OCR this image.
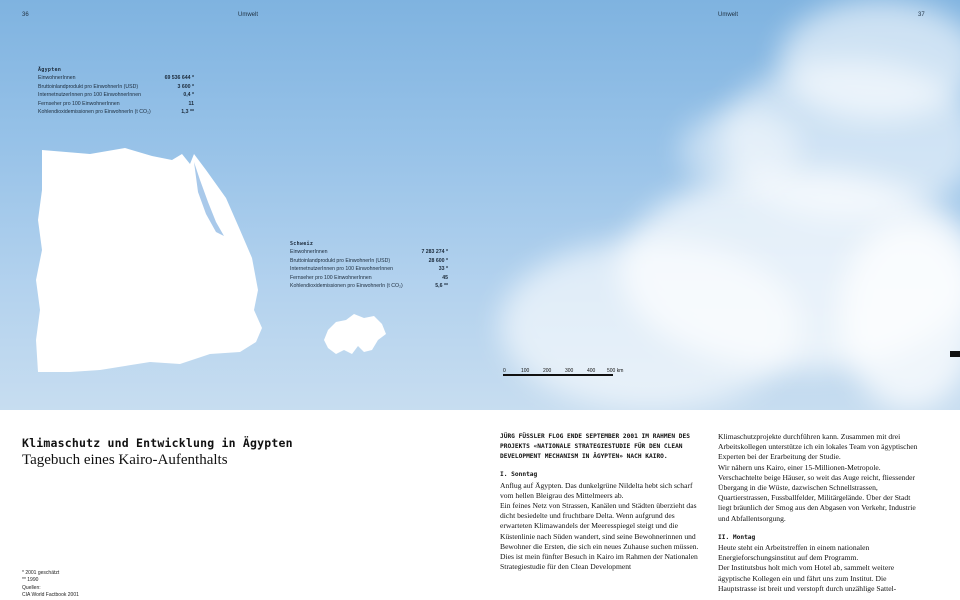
36	Umwelt	Umwelt	37
Ägypten
EinwohnerInnen	69 536 644 *
Bruttoinlandprodukt pro EinwohnerIn (USD)	3 600 *
InternetnutzerInnen pro 100 EinwohnerInnen	0,4 *
Fernseher pro 100 EinwohnerInnen	11
Kohlendioxidemissionen pro EinwohnerIn (t CO₂)	1,3 **
Schweiz
EinwohnerInnen	7 283 274 *
Bruttoinlandprodukt pro EinwohnerIn (USD)	28 600 *
InternetnutzerInnen pro 100 EinwohnerInnen	33 *
Fernseher pro 100 EinwohnerInnen	45
Kohlendioxidemissionen pro EinwohnerIn (t CO₂)	5,6 **
0	100	200	300	400 500 km
Klimaschutz und Entwicklung in Ägypten
Tagebuch eines Kairo-Aufenthalts
* 2001 geschätzt
** 1990
Quellen:
CIA World Factbook 2001

JÜRG FÜSSLER FLOG ENDE SEPTEMBER 2001 IM RAHMEN DES PROJEKTS «NATIONALE STRATEGIESTUDIE FÜR DEN CLEAN DEVELOPMENT MECHANISM IN ÄGYPTEN» NACH KAIRO.

I. Sonntag

Anflug auf Ägypten. Das dunkelgrüne Nildelta hebt sich scharf vom hellen Bleigrau des Mittelmeers ab.

Ein feines Netz von Strassen, Kanälen und Städten überzieht das dicht besiedelte und fruchtbare Delta. Wenn aufgrund des erwarteten Klimawandels der Meeresspiegel steigt und die Küstenlinie nach Süden wandert, sind seine Bewohnerinnen und Bewohner die Ersten, die sich ein neues Zuhause suchen müssen.

Dies ist mein fünfter Besuch in Kairo im Rahmen der Nationalen Strategiestudie für den Clean Development

Klimaschutzprojekte durchführen kann. Zusammen mit drei Arbeitskollegen unterstütze ich ein lokales Team von ägyptischen Experten bei der Erarbeitung der Studie.

Wir nähern uns Kairo, einer 15-Millionen-Metropole. Verschachtelte beige Häuser, so weit das Auge reicht, fliessender Übergang in die Wüste, dazwischen Schnellstrassen, Quartierstrassen, Fussballfelder, Militärgelände. Über der Stadt liegt bräunlich der Smog aus den Abgasen von Verkehr, Industrie und Abfallentsorgung.

II. Montag

Heute steht ein Arbeitstreffen in einem nationalen Energieforschungsinstitut auf dem Programm.

Der Institutsbus holt mich vom Hotel ab, sammelt weitere ägyptische Kollegen ein und fährt uns zum Institut. Die Hauptstrasse ist breit und verstopft durch unzählige Sattel-
